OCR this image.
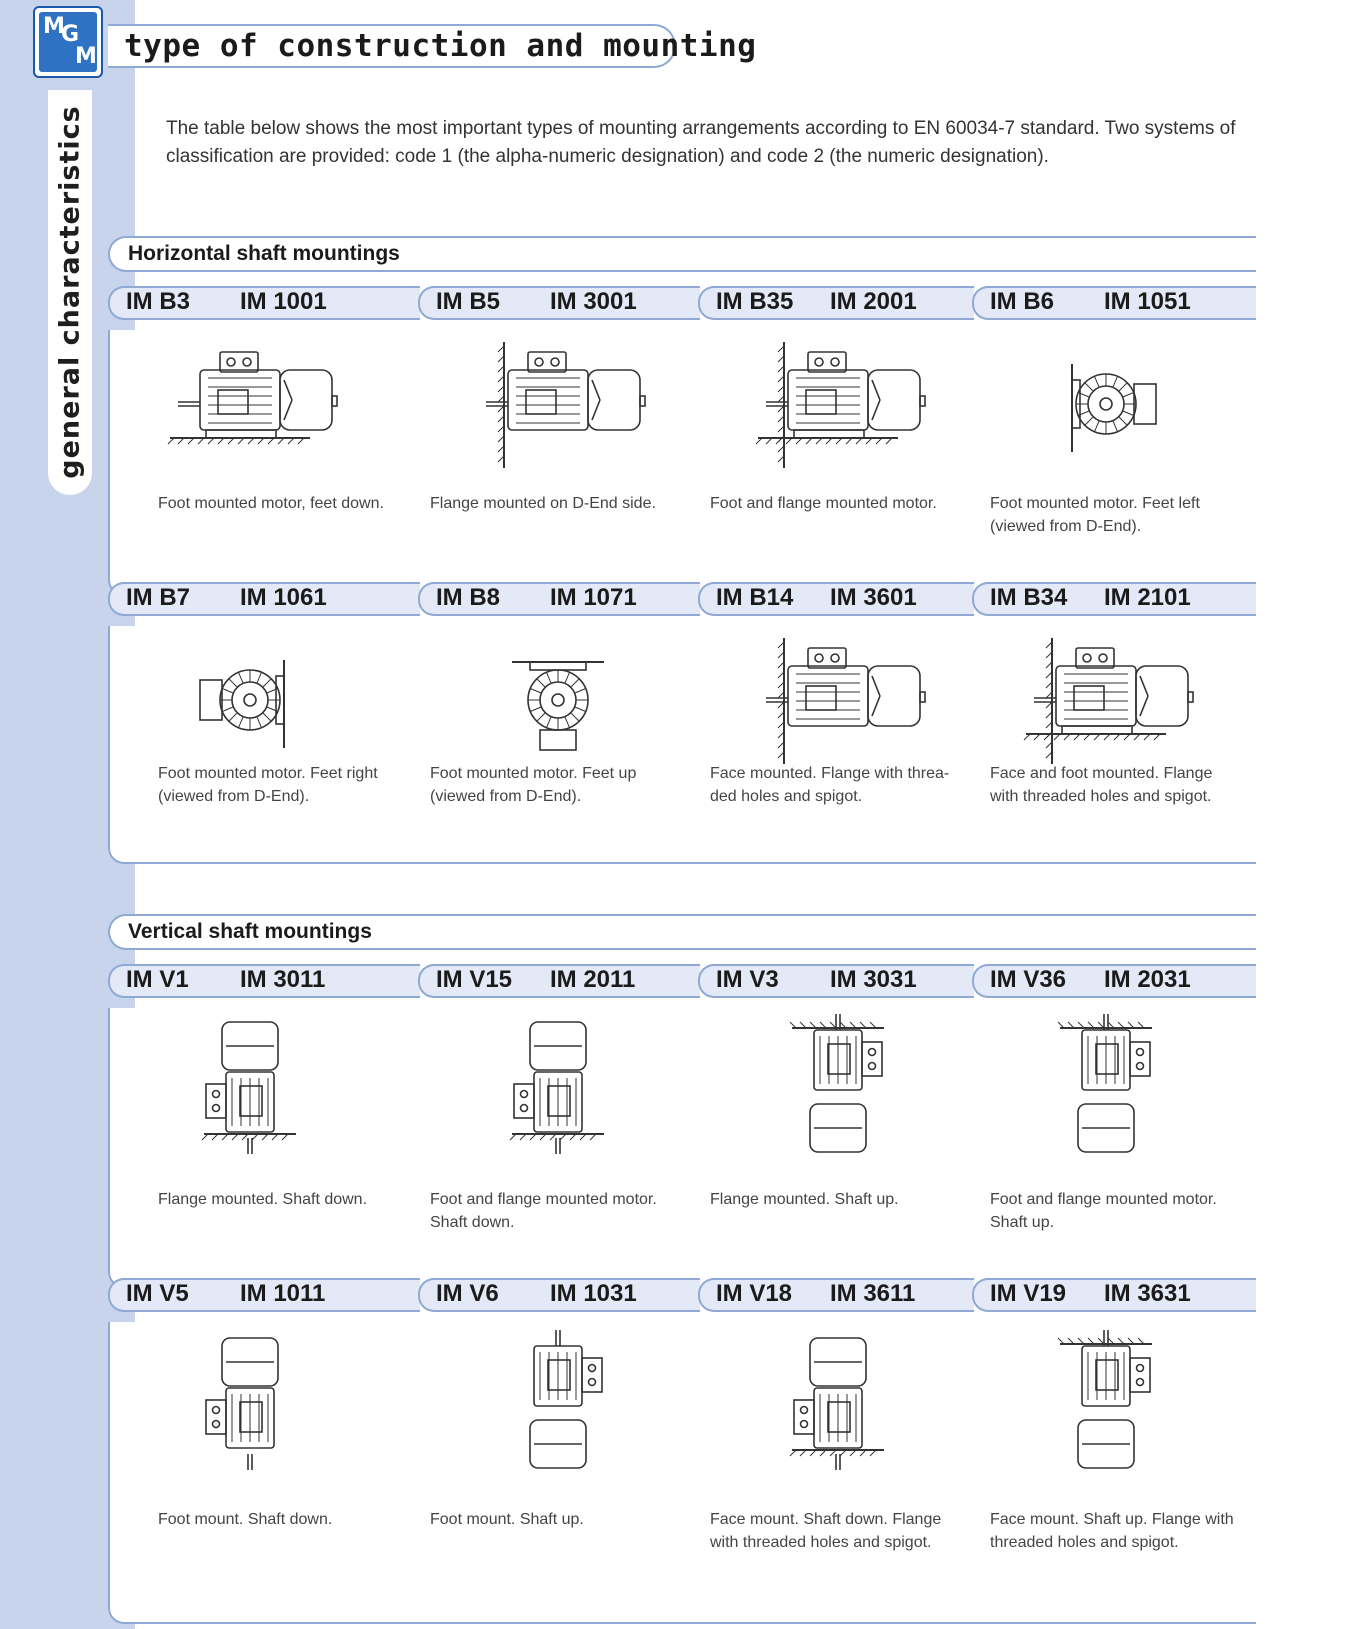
general characteristics
M
G
M type of construction and mounting
The table below shows the most important types of mounting arrangements according to EN 60034-7 standard. Two systems of classification are provided: code 1 (the alpha-numeric designation) and code 2 (the numeric designation).
Horizontal shaft mountings
Vertical shaft mountings
IM B3 IM 1001
Foot mounted motor, feet down.
IM B5 IM 3001
Flange mounted on D-End side.
IM B35 IM 2001
Foot and flange mounted motor.
IM B6 IM 1051
Foot mounted motor. Feet left (viewed from D-End).
IM B7 IM 1061
Foot mounted motor. Feet right (viewed from D-End).
IM B8 IM 1071
Foot mounted motor. Feet up (viewed from D-End).
IM B14 IM 3601
Face mounted. Flange with threa-ded holes and spigot.
IM B34 IM 2101
Face and foot mounted. Flange with threaded holes and spigot.
IM V1 IM 3011
Flange mounted. Shaft down.
IM V15 IM 2011
Foot and flange mounted motor. Shaft down.
IM V3 IM 3031
Flange mounted. Shaft up.
IM V36 IM 2031
Foot and flange mounted motor. Shaft up.
IM V5 IM 1011
Foot mount. Shaft down.
IM V6 IM 1031
Foot mount. Shaft up.
IM V18 IM 3611
Face mount. Shaft down. Flange with threaded holes and spigot.
IM V19 IM 3631
Face mount. Shaft up. Flange with threaded holes and spigot.
